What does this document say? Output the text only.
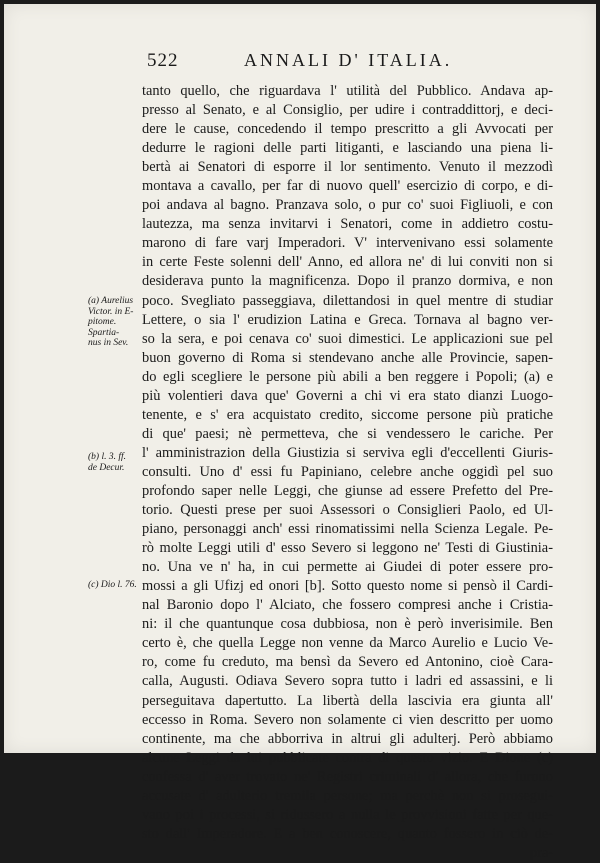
522	ANNALI D' ITALIA.
tanto quello, che riguardava l' utilità del Pubblico. Andava ap-
presso al Senato, e al Consiglio, per udire i contraddittorj, e deci-
dere le cause, concedendo il tempo prescritto a gli Avvocati per
dedurre le ragioni delle parti litiganti, e lasciando una piena li-
bertà ai Senatori di esporre il lor sentimento. Venuto il mezzodì
montava a cavallo, per far di nuovo quell' esercizio di corpo, e di-
poi andava al bagno. Pranzava solo, o pur co' suoi Figliuoli, e con
lautezza, ma senza invitarvi i Senatori, come in addietro costu-
marono di fare varj Imperadori. V' intervenivano essi solamente
in certe Feste solenni dell' Anno, ed allora ne' di lui conviti non si
desiderava punto la magnificenza. Dopo il pranzo dormiva, e non
poco. Svegliato passeggiava, dilettandosi in quel mentre di studiar
Lettere, o sia l' erudizion Latina e Greca. Tornava al bagno ver-
so la sera, e poi cenava co' suoi dimestici. Le applicazioni sue pel
buon governo di Roma si stendevano anche alle Provincie, sapen-
do egli scegliere le persone più abili a ben reggere i Popoli; (a) e
più volentieri dava que' Governi a chi vi era stato dianzi Luogo-
tenente, e s' era acquistato credito, siccome persone più pratiche
di que' paesi; nè permetteva, che si vendessero le cariche. Per
l' amministrazion della Giustizia si serviva egli d'eccellenti Giuris-
consulti. Uno d' essi fu Papiniano, celebre anche oggidì pel suo
profondo saper nelle Leggi, che giunse ad essere Prefetto del Pre-
torio. Questi prese per suoi Assessori o Consiglieri Paolo, ed Ul-
piano, personaggi anch' essi rinomatissimi nella Scienza Legale. Pe-
rò molte Leggi utili d' esso Severo si leggono ne' Testi di Giustinia-
no. Una ve n' ha, in cui permette ai Giudei di poter essere pro-
mossi a gli Ufizj ed onori [b]. Sotto questo nome si pensò il Cardi-
nal Baronio dopo l' Alciato, che fossero compresi anche i Cristia-
ni: il che quantunque cosa dubbiosa, non è però inverisimile. Ben
certo è, che quella Legge non venne da Marco Aurelio e Lucio Ve-
ro, come fu creduto, ma bensì da Severo ed Antonino, cioè Cara-
calla, Augusti. Odiava Severo sopra tutto i ladri ed assassini, e li
perseguitava dapertutto. La libertà della lascivia era giunta all'
eccesso in Roma. Severo non solamente ci vien descritto per uomo
continente, ma che abborriva in altrui gli adulterj. Però abbiamo
alcune Leggi da lui pubblicate contra di questo vizio. E Dione (c)
confessa d' aver trovato ne' Registri criminali d' allora, che furono
accusate d' adulterio tremila persone; ma perchè non si prosegui-
vano poi i processi, si ridussero a nulla le provvisioni fatte per que-
sto dall' Imperadore. E a ben conoscere, quanto fossero in ciò de-
pra-
(a) Aurelius
Victor. in E-
pitome.
Spartia-
nus in Sev.
(b) l. 3. ff.
de Decur.
(c) Dio l. 76.
